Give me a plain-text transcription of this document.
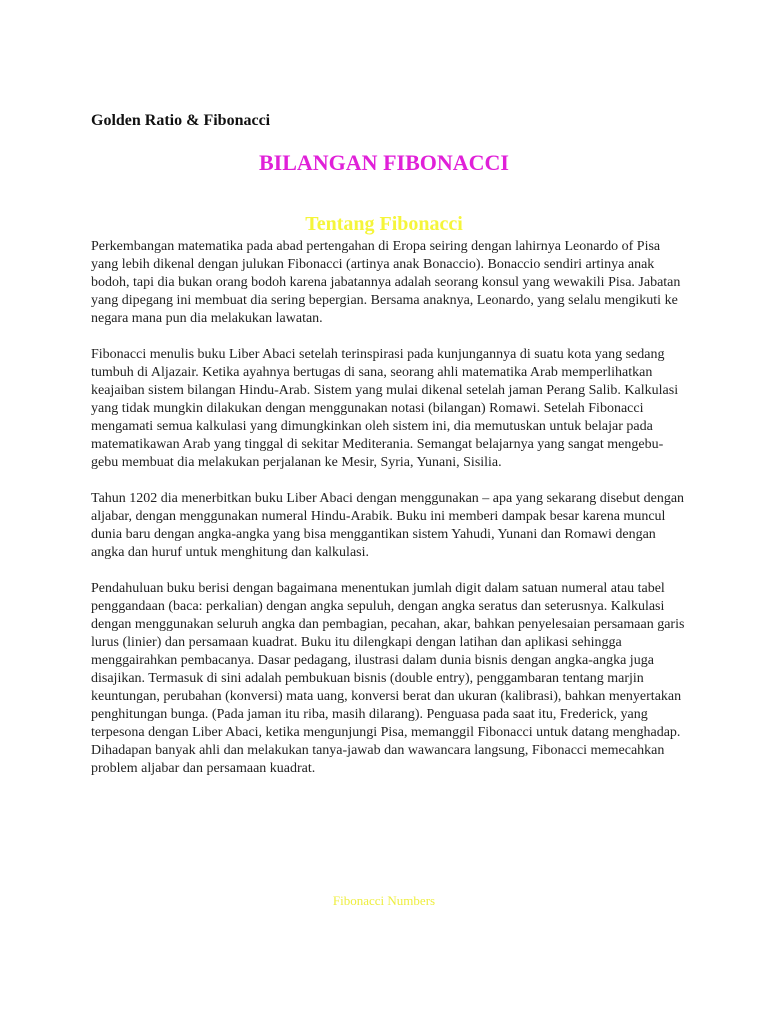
Golden Ratio & Fibonacci
BILANGAN FIBONACCI
Tentang Fibonacci

Perkembangan matematika pada abad pertengahan di Eropa seiring dengan lahirnya Leonardo of Pisa yang lebih dikenal dengan julukan Fibonacci (artinya anak Bonaccio). Bonaccio sendiri artinya anak bodoh, tapi dia bukan orang bodoh karena jabatannya adalah seorang konsul yang wewakili Pisa. Jabatan yang dipegang ini membuat dia sering bepergian. Bersama anaknya, Leonardo, yang selalu mengikuti ke negara mana pun dia melakukan lawatan.

Fibonacci menulis buku Liber Abaci setelah terinspirasi pada kunjungannya di suatu kota yang sedang tumbuh di Aljazair. Ketika ayahnya bertugas di sana, seorang ahli matematika Arab memperlihatkan keajaiban sistem bilangan Hindu-Arab. Sistem yang mulai dikenal setelah jaman Perang Salib. Kalkulasi yang tidak mungkin dilakukan dengan menggunakan notasi (bilangan) Romawi. Setelah Fibonacci mengamati semua kalkulasi yang dimungkinkan oleh sistem ini, dia memutuskan untuk belajar pada matematikawan Arab yang tinggal di sekitar Mediterania. Semangat belajarnya yang sangat mengebu-gebu membuat dia melakukan perjalanan ke Mesir, Syria, Yunani, Sisilia.

Tahun 1202 dia menerbitkan buku Liber Abaci dengan menggunakan – apa yang sekarang disebut dengan aljabar, dengan menggunakan numeral Hindu-Arabik. Buku ini memberi dampak besar karena muncul dunia baru dengan angka-angka yang bisa menggantikan sistem Yahudi, Yunani dan Romawi dengan angka dan huruf untuk menghitung dan kalkulasi.

Pendahuluan buku berisi dengan bagaimana menentukan jumlah digit dalam satuan numeral atau tabel penggandaan (baca: perkalian) dengan angka sepuluh, dengan angka seratus dan seterusnya. Kalkulasi dengan menggunakan seluruh angka dan pembagian, pecahan, akar, bahkan penyelesaian persamaan garis lurus (linier) dan persamaan kuadrat. Buku itu dilengkapi dengan latihan dan aplikasi sehingga menggairahkan pembacanya. Dasar pedagang, ilustrasi dalam dunia bisnis dengan angka-angka juga disajikan. Termasuk di sini adalah pembukuan bisnis (double entry), penggambaran tentang marjin keuntungan, perubahan (konversi) mata uang, konversi berat dan ukuran (kalibrasi), bahkan menyertakan penghitungan bunga. (Pada jaman itu riba, masih dilarang). Penguasa pada saat itu, Frederick, yang terpesona dengan Liber Abaci, ketika mengunjungi Pisa, memanggil Fibonacci untuk datang menghadap. Dihadapan banyak ahli dan melakukan tanya-jawab dan wawancara langsung, Fibonacci memecahkan problem aljabar dan persamaan kuadrat.

Fibonacci Numbers
